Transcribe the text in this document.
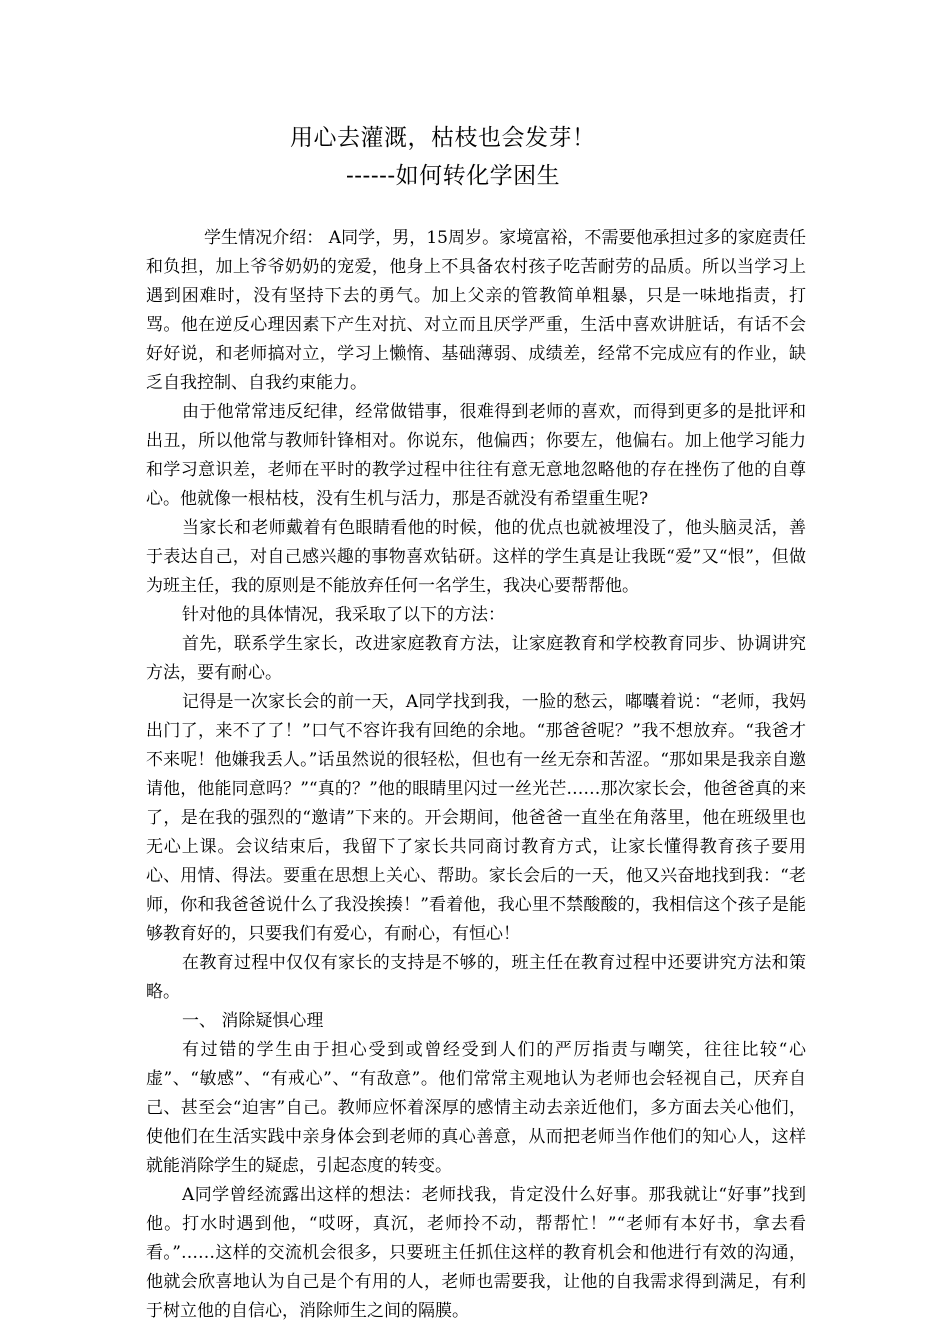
用心去灌溉，枯枝也会发芽！
------如何转化学困生

学生情况介绍： A同学，男，15周岁。家境富裕，不需要他承担过多的家庭责任和负担，加上爷爷奶奶的宠爱，他身上不具备农村孩子吃苦耐劳的品质。所以当学习上遇到困难时，没有坚持下去的勇气。加上父亲的管教简单粗暴，只是一味地指责，打骂。他在逆反心理因素下产生对抗、对立而且厌学严重，生活中喜欢讲脏话，有话不会好好说，和老师搞对立，学习上懒惰、基础薄弱、成绩差，经常不完成应有的作业，缺乏自我控制、自我约束能力。

由于他常常违反纪律，经常做错事，很难得到老师的喜欢，而得到更多的是批评和出丑，所以他常与教师针锋相对。你说东，他偏西；你要左，他偏右。加上他学习能力和学习意识差，老师在平时的教学过程中往往有意无意地忽略他的存在挫伤了他的自尊心。他就像一根枯枝，没有生机与活力，那是否就没有希望重生呢?

当家长和老师戴着有色眼睛看他的时候，他的优点也就被埋没了，他头脑灵活，善于表达自己，对自己感兴趣的事物喜欢钻研。这样的学生真是让我既“爱”又“恨”，但做为班主任，我的原则是不能放弃任何一名学生，我决心要帮帮他。

针对他的具体情况，我采取了以下的方法：

首先，联系学生家长，改进家庭教育方法，让家庭教育和学校教育同步、协调讲究方法，要有耐心。

记得是一次家长会的前一天，A同学找到我，一脸的愁云，嘟囔着说：“老师，我妈出门了，来不了了！”口气不容许我有回绝的余地。“那爸爸呢？”我不想放弃。“我爸才不来呢！他嫌我丢人。”话虽然说的很轻松，但也有一丝无奈和苦涩。“那如果是我亲自邀请他，他能同意吗？”“真的？”他的眼睛里闪过一丝光芒……那次家长会，他爸爸真的来了，是在我的强烈的“邀请”下来的。开会期间，他爸爸一直坐在角落里，他在班级里也无心上课。会议结束后，我留下了家长共同商讨教育方式，让家长懂得教育孩子要用心、用情、得法。要重在思想上关心、帮助。家长会后的一天，他又兴奋地找到我：“老师，你和我爸爸说什么了我没挨揍！”看着他，我心里不禁酸酸的，我相信这个孩子是能够教育好的，只要我们有爱心，有耐心，有恒心！

在教育过程中仅仅有家长的支持是不够的，班主任在教育过程中还要讲究方法和策略。

一、 消除疑惧心理

有过错的学生由于担心受到或曾经受到人们的严厉指责与嘲笑，往往比较“心虚”、“敏感”、“有戒心”、“有敌意”。他们常常主观地认为老师也会轻视自己，厌弃自己、甚至会“迫害”自己。教师应怀着深厚的感情主动去亲近他们，多方面去关心他们，使他们在生活实践中亲身体会到老师的真心善意，从而把老师当作他们的知心人，这样就能消除学生的疑虑，引起态度的转变。

A同学曾经流露出这样的想法：老师找我，肯定没什么好事。那我就让“好事”找到他。打水时遇到他，“哎呀，真沉，老师拎不动，帮帮忙！”“老师有本好书，拿去看看。”……这样的交流机会很多，只要班主任抓住这样的教育机会和他进行有效的沟通，他就会欣喜地认为自己是个有用的人，老师也需要我，让他的自我需求得到满足，有利于树立他的自信心，消除师生之间的隔膜。
